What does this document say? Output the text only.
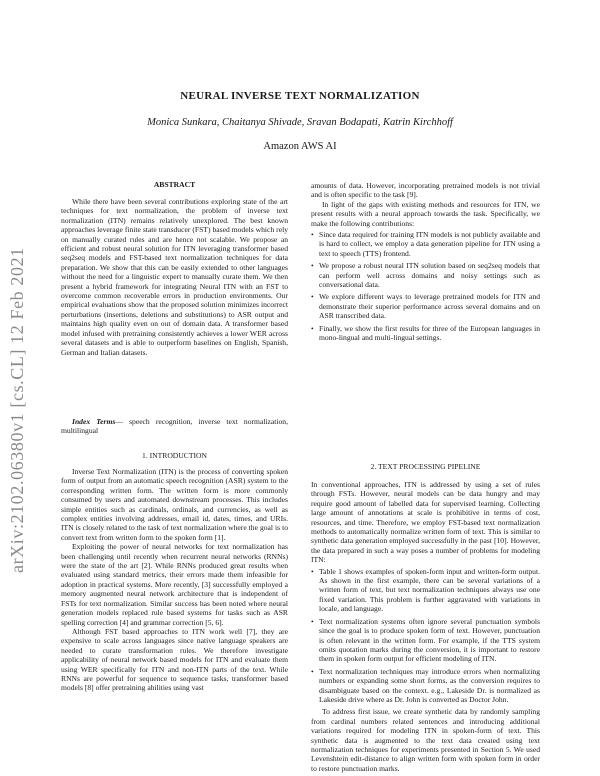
arXiv:2102.06380v1 [cs.CL] 12 Feb 2021
NEURAL INVERSE TEXT NORMALIZATION
Monica Sunkara, Chaitanya Shivade, Sravan Bodapati, Katrin Kirchhoff
Amazon AWS AI
ABSTRACT

While there have been several contributions exploring state of the art techniques for text normalization, the problem of inverse text normalization (ITN) remains relatively unexplored. The best known approaches leverage finite state transducer (FST) based models which rely on manually curated rules and are hence not scalable. We propose an efficient and robust neural solution for ITN leveraging transformer based seq2seq models and FST-based text normalization techniques for data preparation. We show that this can be easily extended to other languages without the need for a linguistic expert to manually curate them. We then present a hybrid framework for integrating Neural ITN with an FST to overcome common recoverable errors in production environments. Our empirical evaluations show that the proposed solution minimizes incorrect perturbations (insertions, deletions and substitutions) to ASR output and maintains high quality even on out of domain data. A transformer based model infused with pretraining consistently achieves a lower WER across several datasets and is able to outperform baselines on English, Spanish, German and Italian datasets.

Index Terms— speech recognition, inverse text normalization, multilingual
1. INTRODUCTION

Inverse Text Normalization (ITN) is the process of converting spoken form of output from an automatic speech recognition (ASR) system to the corresponding written form. The written form is more commonly consumed by users and automated downstream processes. This includes simple entities such as cardinals, ordinals, and currencies, as well as complex entities involving addresses, email id, dates, times, and URIs. ITN is closely related to the task of text normalization where the goal is to convert text from written form to the spoken form [1].

Exploiting the power of neural networks for text normalization has been challenging until recently when recurrent neural networks (RNNs) were the state of the art [2]. While RNNs produced great results when evaluated using standard metrics, their errors made them infeasible for adoption in practical systems. More recently, [3] successfully employed a memory augmented neural network architecture that is independent of FSTs for text normalization. Similar success has been noted where neural generation models replaced rule based systems for tasks such as ASR spelling correction [4] and grammar correction [5, 6].

Although FST based approaches to ITN work well [7], they are expensive to scale across languages since native language speakers are needed to curate transformation rules. We therefore investigate applicability of neural network based models for ITN and evaluate them using WER specifically for ITN and non-ITN parts of the text. While RNNs are powerful for sequence to sequence tasks, transformer based models [8] offer pretraining abilities using vast

amounts of data. However, incorporating pretrained models is not trivial and is often specific to the task [9].

In light of the gaps with existing methods and resources for ITN, we present results with a neural approach towards the task. Specifically, we make the following contributions:

• Since data required for training ITN models is not publicly available and is hard to collect, we employ a data generation pipeline for ITN using a text to speech (TTS) frontend.
• We propose a robust neural ITN solution based on seq2seq models that can perform well across domains and noisy settings such as conversational data.
• We explore different ways to leverage pretrained models for ITN and demonstrate their superior performance across several domains and on ASR transcribed data.
• Finally, we show the first results for three of the European languages in mono-lingual and multi-lingual settings.
2. TEXT PROCESSING PIPELINE

In conventional approaches, ITN is addressed by using a set of rules through FSTs. However, neural models can be data hungry and may require good amount of labelled data for supervised learning. Collecting large amount of annotations at scale is prohibitive in terms of cost, resources, and time. Therefore, we employ FST-based text normalization methods to automatically normalize written form of text. This is similar to synthetic data generation employed successfully in the past [10]. However, the data prepared in such a way poses a number of problems for modeling ITN:

• Table 1 shows examples of spoken-form input and written-form output. As shown in the first example, there can be several variations of a written form of text, but text normalization techniques always use one fixed variation. This problem is further aggravated with variations in locale, and language.
• Text normalization systems often ignore several punctuation symbols since the goal is to produce spoken form of text. However, punctuation is often relevant in the written form. For example, if the TTS system omits quotation marks during the conversion, it is important to restore them in spoken form output for efficient modeling of ITN.
• Text normalization techniques may introduce errors when normalizing numbers or expanding some short forms, as the conversion requires to disambiguate based on the context. e.g., Lakeside Dr. is normalized as Lakeside drive where as Dr. John is converted as Doctor John.

To address first issue, we create synthetic data by randomly sampling from cardinal numbers related sentences and introducing additional variations required for modeling ITN in spoken-form of text. This synthetic data is augmented to the text data created using text normalization techniques for experiments presented in Section 5. We used Levenshtein edit-distance to align written form with spoken form in order to restore punctuation marks.
